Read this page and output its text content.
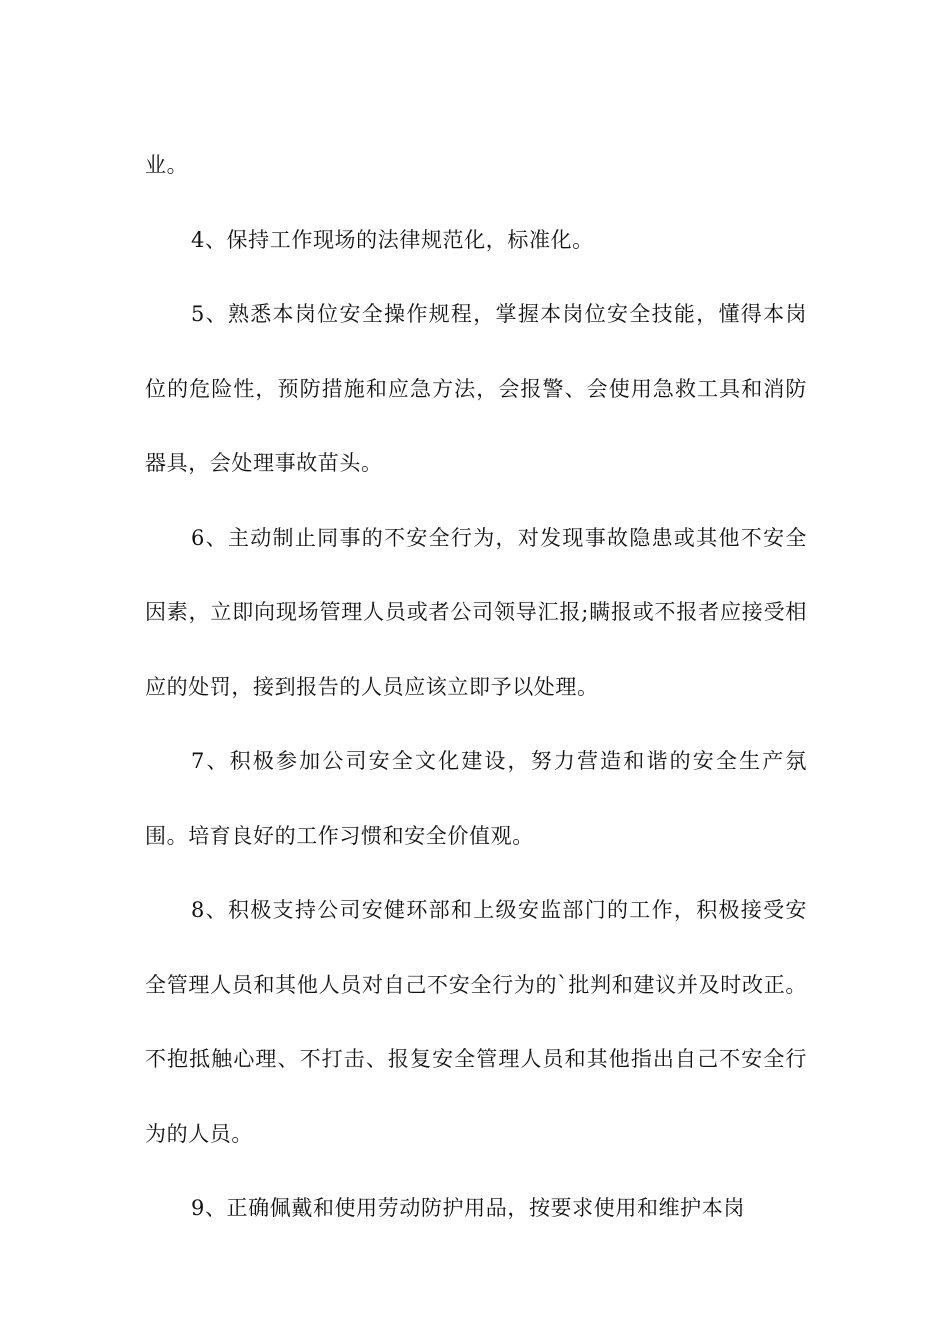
业。

4、保持工作现场的法律规范化，标准化。

5、熟悉本岗位安全操作规程，掌握本岗位安全技能，懂得本岗位的危险性，预防措施和应急方法，会报警、会使用急救工具和消防器具，会处理事故苗头。

6、主动制止同事的不安全行为，对发现事故隐患或其他不安全因素，立即向现场管理人员或者公司领导汇报;瞒报或不报者应接受相应的处罚，接到报告的人员应该立即予以处理。

7、积极参加公司安全文化建设，努力营造和谐的安全生产氛围。培育良好的工作习惯和安全价值观。

8、积极支持公司安健环部和上级安监部门的工作，积极接受安全管理人员和其他人员对自己不安全行为的`批判和建议并及时改正。不抱抵触心理、不打击、报复安全管理人员和其他指出自己不安全行为的人员。

9、正确佩戴和使用劳动防护用品，按要求使用和维护本岗
